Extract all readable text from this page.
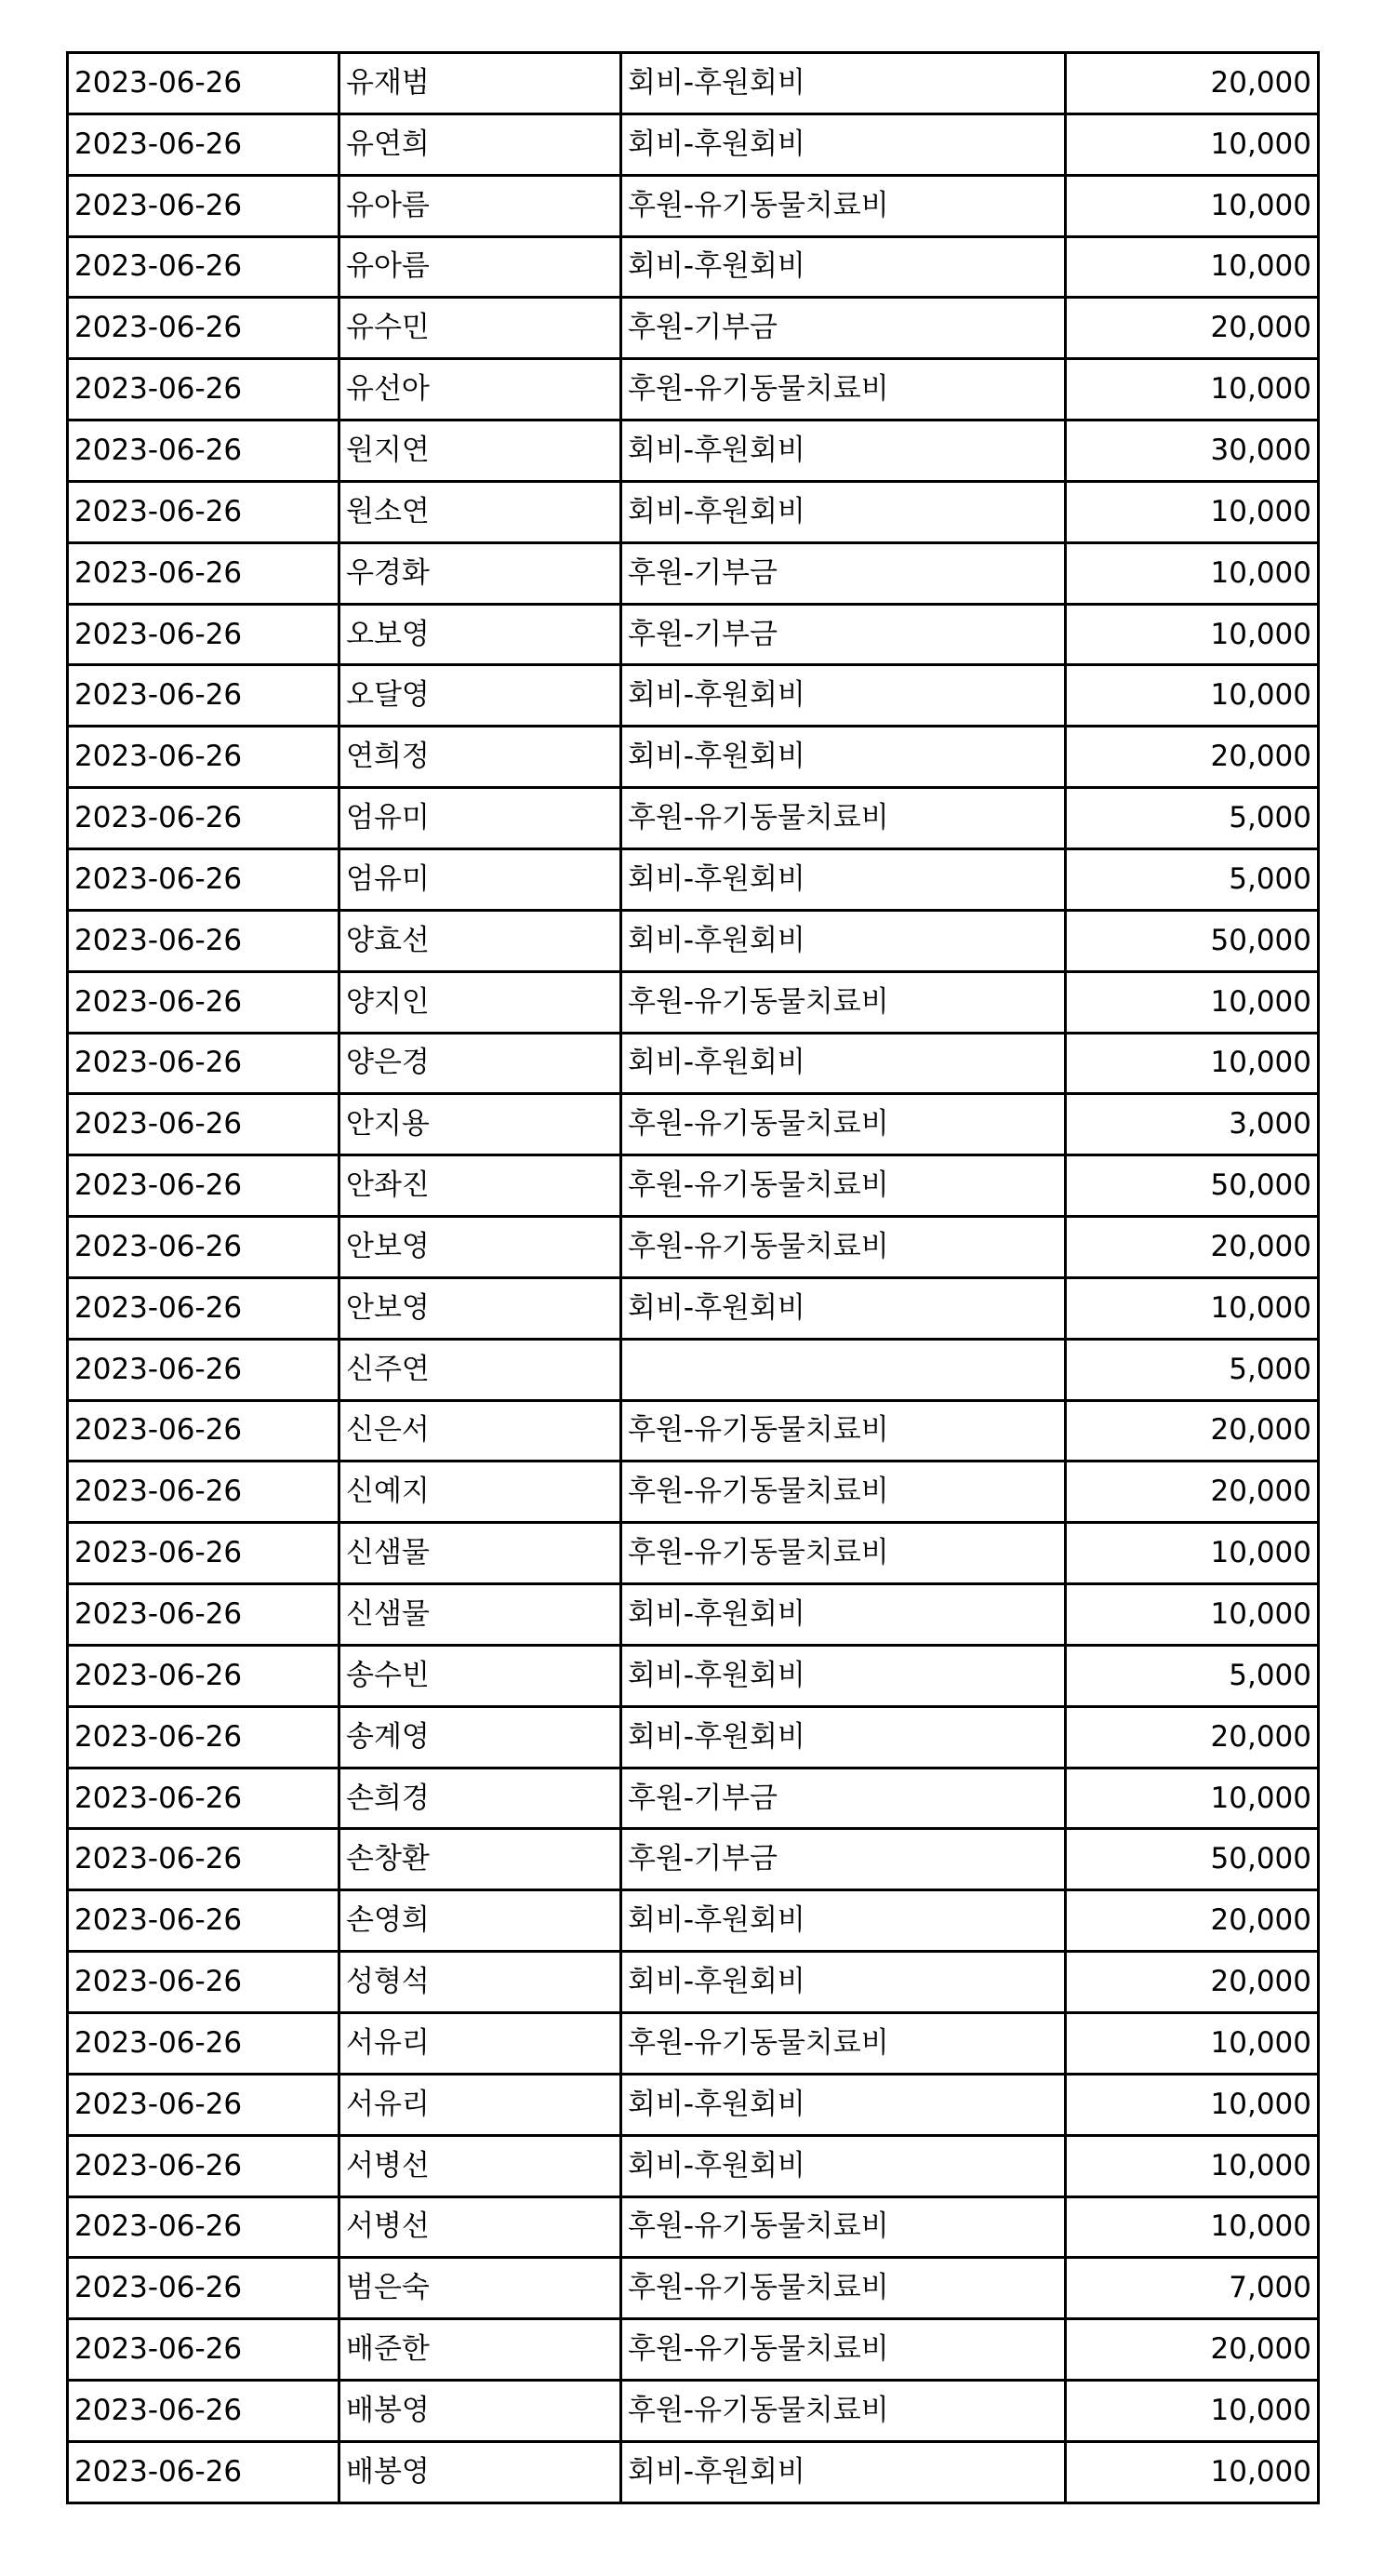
2023-06-26	유재범	회비-후원회비	20,000
2023-06-26	유연희	회비-후원회비	10,000
2023-06-26	유아름	후원-유기동물치료비	10,000
2023-06-26	유아름	회비-후원회비	10,000
2023-06-26	유수민	후원-기부금	20,000
2023-06-26	유선아	후원-유기동물치료비	10,000
2023-06-26	원지연	회비-후원회비	30,000
2023-06-26	원소연	회비-후원회비	10,000
2023-06-26	우경화	후원-기부금	10,000
2023-06-26	오보영	후원-기부금	10,000
2023-06-26	오달영	회비-후원회비	10,000
2023-06-26	연희정	회비-후원회비	20,000
2023-06-26	엄유미	후원-유기동물치료비	5,000
2023-06-26	엄유미	회비-후원회비	5,000
2023-06-26	양효선	회비-후원회비	50,000
2023-06-26	양지인	후원-유기동물치료비	10,000
2023-06-26	양은경	회비-후원회비	10,000
2023-06-26	안지용	후원-유기동물치료비	3,000
2023-06-26	안좌진	후원-유기동물치료비	50,000
2023-06-26	안보영	후원-유기동물치료비	20,000
2023-06-26	안보영	회비-후원회비	10,000
2023-06-26	신주연		5,000
2023-06-26	신은서	후원-유기동물치료비	20,000
2023-06-26	신예지	후원-유기동물치료비	20,000
2023-06-26	신샘물	후원-유기동물치료비	10,000
2023-06-26	신샘물	회비-후원회비	10,000
2023-06-26	송수빈	회비-후원회비	5,000
2023-06-26	송계영	회비-후원회비	20,000
2023-06-26	손희경	후원-기부금	10,000
2023-06-26	손창환	후원-기부금	50,000
2023-06-26	손영희	회비-후원회비	20,000
2023-06-26	성형석	회비-후원회비	20,000
2023-06-26	서유리	후원-유기동물치료비	10,000
2023-06-26	서유리	회비-후원회비	10,000
2023-06-26	서병선	회비-후원회비	10,000
2023-06-26	서병선	후원-유기동물치료비	10,000
2023-06-26	범은숙	후원-유기동물치료비	7,000
2023-06-26	배준한	후원-유기동물치료비	20,000
2023-06-26	배봉영	후원-유기동물치료비	10,000
2023-06-26	배봉영	회비-후원회비	10,000
